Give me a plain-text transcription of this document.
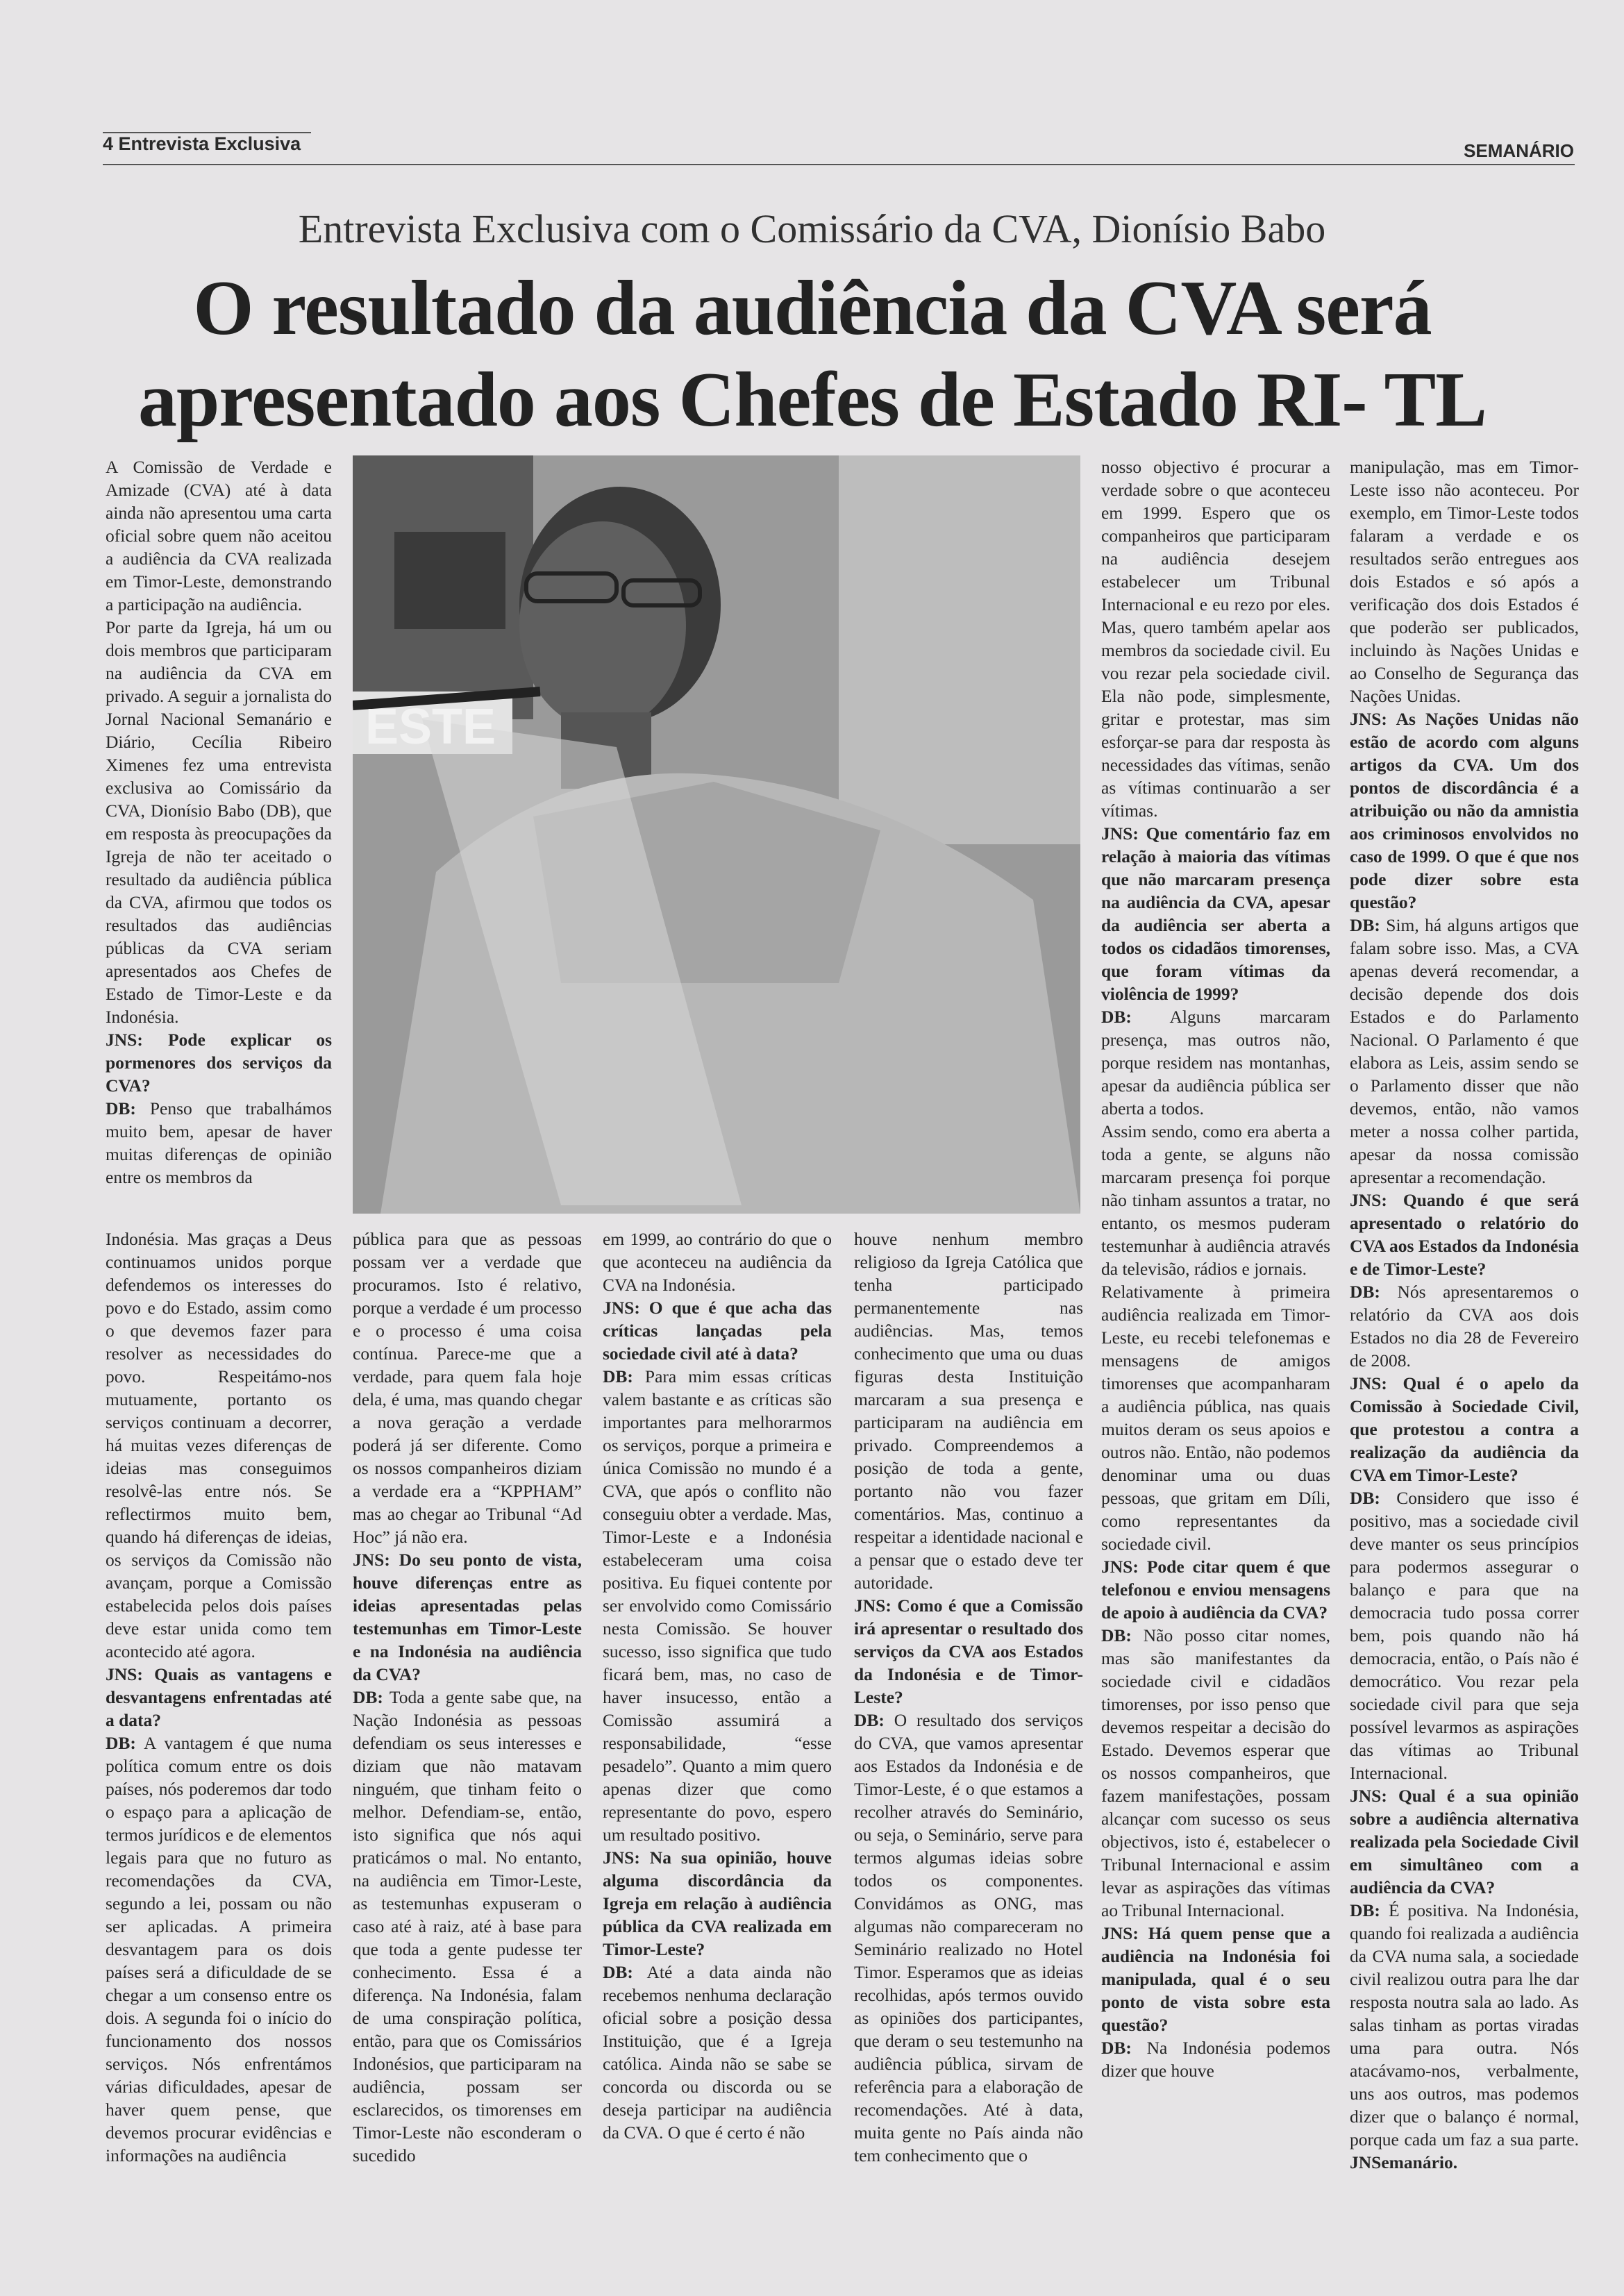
4 Entrevista Exclusiva	SEMANÁRIO
Entrevista Exclusiva com o Comissário da CVA, Dionísio Babo
O resultado da audiência da CVA será apresentado aos Chefes de Estado RI- TL
ESTE

A Comissão de Verdade e Amizade (CVA) até à data ainda não apresentou uma carta oficial sobre quem não aceitou a audiência da CVA realizada em Timor-Leste, demonstrando a participação na audiência.

Por parte da Igreja, há um ou dois membros que participaram na audiência da CVA em privado. A seguir a jornalista do Jornal Nacional Semanário e Diário, Cecília Ribeiro Ximenes fez uma entrevista exclusiva ao Comissário da CVA, Dionísio Babo (DB), que em resposta às preocupações da Igreja de não ter aceitado o resultado da audiência pública da CVA, afirmou que todos os resultados das audiências públicas da CVA seriam apresentados aos Chefes de Estado de Timor-Leste e da Indonésia.

JNS: Pode explicar os pormenores dos serviços da CVA?

DB: Penso que trabalhámos muito bem, apesar de haver muitas diferenças de opinião entre os membros da

Indonésia. Mas graças a Deus continuamos unidos porque defendemos os interesses do povo e do Estado, assim como o que devemos fazer para resolver as necessidades do povo. Respeitámo-nos mutuamente, portanto os serviços continuam a decorrer, há muitas vezes diferenças de ideias mas conseguimos resolvê-las entre nós. Se reflectirmos muito bem, quando há diferenças de ideias, os serviços da Comissão não avançam, porque a Comissão estabelecida pelos dois países deve estar unida como tem acontecido até agora.

JNS: Quais as vantagens e desvantagens enfrentadas até a data?

DB: A vantagem é que numa política comum entre os dois países, nós poderemos dar todo o espaço para a aplicação de termos jurídicos e de elementos legais para que no futuro as recomendações da CVA, segundo a lei, possam ou não ser aplicadas. A primeira desvantagem para os dois países será a dificuldade de se chegar a um consenso entre os dois. A segunda foi o início do funcionamento dos nossos serviços. Nós enfrentámos várias dificuldades, apesar de haver quem pense, que devemos procurar evidências e informações na audiência

pública para que as pessoas possam ver a verdade que procuramos. Isto é relativo, porque a verdade é um processo e o processo é uma coisa contínua. Parece-me que a verdade, para quem fala hoje dela, é uma, mas quando chegar a nova geração a verdade poderá já ser diferente. Como os nossos companheiros diziam a verdade era a “KPPHAM” mas ao chegar ao Tribunal “Ad Hoc” já não era.

JNS: Do seu ponto de vista, houve diferenças entre as ideias apresentadas pelas testemunhas em Timor-Leste e na Indonésia na audiência da CVA?

DB: Toda a gente sabe que, na Nação Indonésia as pessoas defendiam os seus interesses e diziam que não matavam ninguém, que tinham feito o melhor. Defendiam-se, então, isto significa que nós aqui praticámos o mal. No entanto, na audiência em Timor-Leste, as testemunhas expuseram o caso até à raiz, até à base para que toda a gente pudesse ter conhecimento. Essa é a diferença. Na Indonésia, falam de uma conspiração política, então, para que os Comissários Indonésios, que participaram na audiência, possam ser esclarecidos, os timorenses em Timor-Leste não esconderam o sucedido

em 1999, ao contrário do que o que aconteceu na audiência da CVA na Indonésia.

JNS: O que é que acha das críticas lançadas pela sociedade civil até à data?

DB: Para mim essas críticas valem bastante e as críticas são importantes para melhorarmos os serviços, porque a primeira e única Comissão no mundo é a CVA, que após o conflito não conseguiu obter a verdade. Mas, Timor-Leste e a Indonésia estabeleceram uma coisa positiva. Eu fiquei contente por ser envolvido como Comissário nesta Comissão. Se houver sucesso, isso significa que tudo ficará bem, mas, no caso de haver insucesso, então a Comissão assumirá a responsabilidade, “esse pesadelo”. Quanto a mim quero apenas dizer que como representante do povo, espero um resultado positivo.

JNS: Na sua opinião, houve alguma discordância da Igreja em relação à audiência pública da CVA realizada em Timor-Leste?

DB: Até a data ainda não recebemos nenhuma declaração oficial sobre a posição dessa Instituição, que é a Igreja católica. Ainda não se sabe se concorda ou discorda ou se deseja participar na audiência da CVA. O que é certo é não

houve nenhum membro religioso da Igreja Católica que tenha participado permanentemente nas audiências. Mas, temos conhecimento que uma ou duas figuras desta Instituição marcaram a sua presença e participaram na audiência em privado. Compreendemos a posição de toda a gente, portanto não vou fazer comentários. Mas, continuo a respeitar a identidade nacional e a pensar que o estado deve ter autoridade.

JNS: Como é que a Comissão irá apresentar o resultado dos serviços da CVA aos Estados da Indonésia e de Timor-Leste?

DB: O resultado dos serviços do CVA, que vamos apresentar aos Estados da Indonésia e de Timor-Leste, é o que estamos a recolher através do Seminário, ou seja, o Seminário, serve para termos algumas ideias sobre todos os componentes. Convidámos as ONG, mas algumas não compareceram no Seminário realizado no Hotel Timor. Esperamos que as ideias recolhidas, após termos ouvido as opiniões dos participantes, que deram o seu testemunho na audiência pública, sirvam de referência para a elaboração de recomendações. Até à data, muita gente no País ainda não tem conhecimento que o

nosso objectivo é procurar a verdade sobre o que aconteceu em 1999. Espero que os companheiros que participaram na audiência desejem estabelecer um Tribunal Internacional e eu rezo por eles. Mas, quero também apelar aos membros da sociedade civil. Eu vou rezar pela sociedade civil. Ela não pode, simplesmente, gritar e protestar, mas sim esforçar-se para dar resposta às necessidades das vítimas, senão as vítimas continuarão a ser vítimas.

JNS: Que comentário faz em relação à maioria das vítimas que não marcaram presença na audiência da CVA, apesar da audiência ser aberta a todos os cidadãos timorenses, que foram vítimas da violência de 1999?

DB: Alguns marcaram presença, mas outros não, porque residem nas montanhas, apesar da audiência pública ser aberta a todos.

Assim sendo, como era aberta a toda a gente, se alguns não marcaram presença foi porque não tinham assuntos a tratar, no entanto, os mesmos puderam testemunhar à audiência através da televisão, rádios e jornais.

Relativamente à primeira audiência realizada em Timor-Leste, eu recebi telefonemas e mensagens de amigos timorenses que acompanharam a audiência pública, nas quais muitos deram os seus apoios e outros não. Então, não podemos denominar uma ou duas pessoas, que gritam em Díli, como representantes da sociedade civil.

JNS: Pode citar quem é que telefonou e enviou mensagens de apoio à audiência da CVA?

DB: Não posso citar nomes, mas são manifestantes da sociedade civil e cidadãos timorenses, por isso penso que devemos respeitar a decisão do Estado. Devemos esperar que os nossos companheiros, que fazem manifestações, possam alcançar com sucesso os seus objectivos, isto é, estabelecer o Tribunal Internacional e assim levar as aspirações das vítimas ao Tribunal Internacional.

JNS: Há quem pense que a audiência na Indonésia foi manipulada, qual é o seu ponto de vista sobre esta questão?

DB: Na Indonésia podemos dizer que houve

manipulação, mas em Timor-Leste isso não aconteceu. Por exemplo, em Timor-Leste todos falaram a verdade e os resultados serão entregues aos dois Estados e só após a verificação dos dois Estados é que poderão ser publicados, incluindo às Nações Unidas e ao Conselho de Segurança das Nações Unidas.

JNS: As Nações Unidas não estão de acordo com alguns artigos da CVA. Um dos pontos de discordância é a atribuição ou não da amnistia aos criminosos envolvidos no caso de 1999. O que é que nos pode dizer sobre esta questão?

DB: Sim, há alguns artigos que falam sobre isso. Mas, a CVA apenas deverá recomendar, a decisão depende dos dois Estados e do Parlamento Nacional. O Parlamento é que elabora as Leis, assim sendo se o Parlamento disser que não devemos, então, não vamos meter a nossa colher partida, apesar da nossa comissão apresentar a recomendação.

JNS: Quando é que será apresentado o relatório do CVA aos Estados da Indonésia e de Timor-Leste?

DB: Nós apresentaremos o relatório da CVA aos dois Estados no dia 28 de Fevereiro de 2008.

JNS: Qual é o apelo da Comissão à Sociedade Civil, que protestou a contra a realização da audiência da CVA em Timor-Leste?

DB: Considero que isso é positivo, mas a sociedade civil deve manter os seus princípios para podermos assegurar o balanço e para que na democracia tudo possa correr bem, pois quando não há democracia, então, o País não é democrático. Vou rezar pela sociedade civil para que seja possível levarmos as aspirações das vítimas ao Tribunal Internacional.

JNS: Qual é a sua opinião sobre a audiência alternativa realizada pela Sociedade Civil em simultâneo com a audiência da CVA?

DB: É positiva. Na Indonésia, quando foi realizada a audiência da CVA numa sala, a sociedade civil realizou outra para lhe dar resposta noutra sala ao lado. As salas tinham as portas viradas uma para outra. Nós atacávamo-nos, verbalmente, uns aos outros, mas podemos dizer que o balanço é normal, porque cada um faz a sua parte. JNSemanário.
